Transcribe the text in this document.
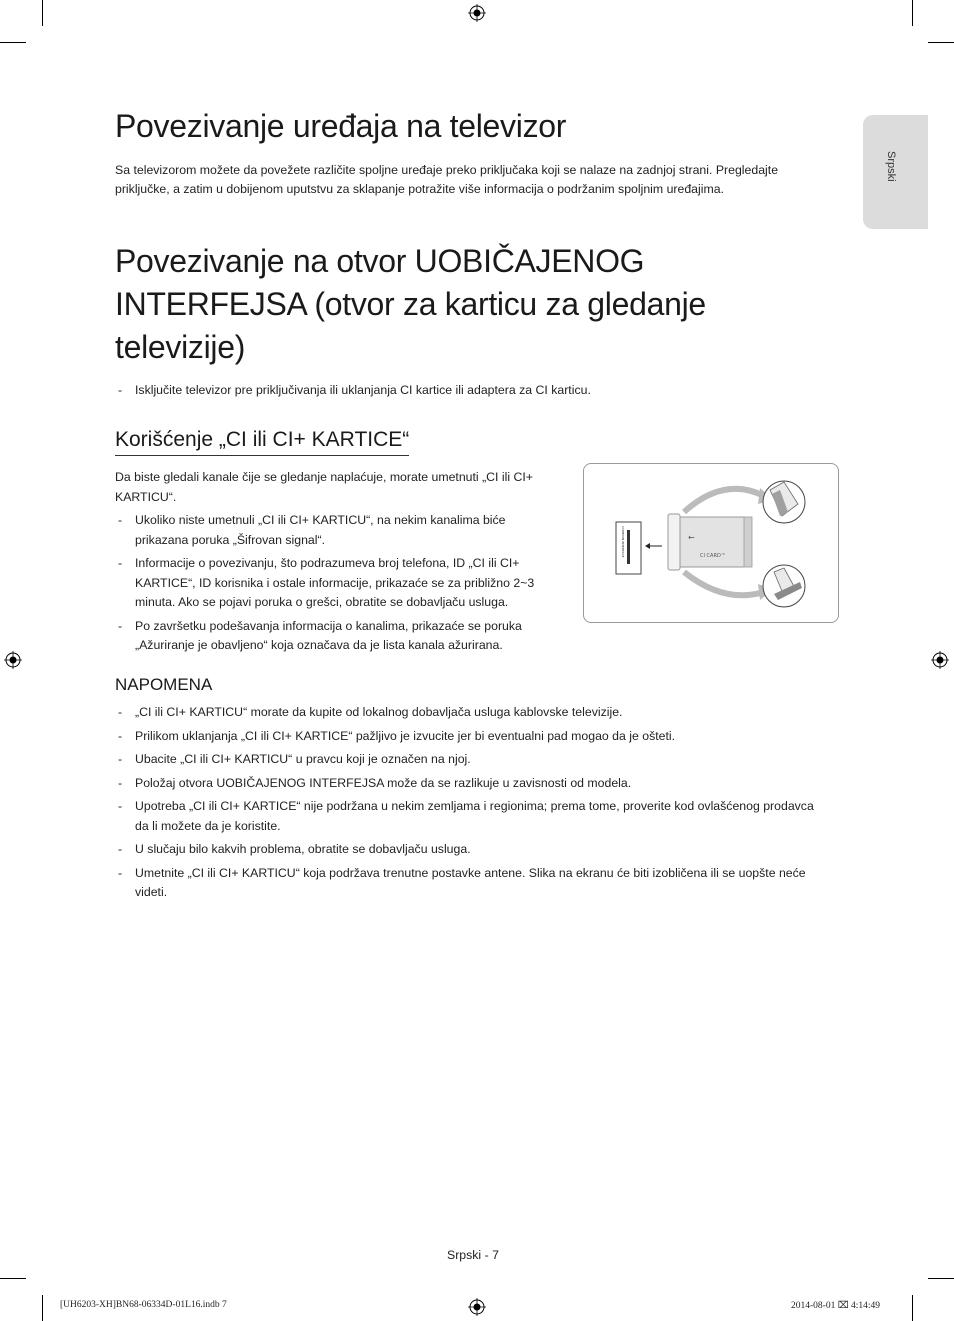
Srpski
Povezivanje uređaja na televizor

Sa televizorom možete da povežete različite spoljne uređaje preko priključaka koji se nalaze na zadnjoj strani. Pregledajte priključke, a zatim u dobijenom uputstvu za sklapanje potražite više informacija o podržanim spoljnim uređajima.

Povezivanje na otvor UOBIČAJENOG INTERFEJSA (otvor za karticu za gledanje televizije)
- Isključite televizor pre priključivanja ili uklanjanja CI kartice ili adaptera za CI karticu.
Korišćenje „CI ili CI+ KARTICE“

Da biste gledali kanale čije se gledanje naplaćuje, morate umetnuti „CI ili CI+ KARTICU“.

- Ukoliko niste umetnuli „CI ili CI+ KARTICU“, na nekim kanalima biće prikazana poruka „Šifrovan signal“.
- Informacije o povezivanju, što podrazumeva broj telefona, ID „CI ili CI+ KARTICE“, ID korisnika i ostale informacije, prikazaće se za približno 2~3 minuta. Ako se pojavi poruka o grešci, obratite se dobavljaču usluga.
- Po završetku podešavanja informacija o kanalima, prikazaće se poruka „Ažuriranje je obavljeno“ koja označava da je lista kanala ažurirana.
COMMON INTERFACE	←
CI CARD™
NAPOMENA
- „CI ili CI+ KARTICU“ morate da kupite od lokalnog dobavljača usluga kablovske televizije.
- Prilikom uklanjanja „CI ili CI+ KARTICE“ pažljivo je izvucite jer bi eventualni pad mogao da je ošteti.
- Ubacite „CI ili CI+ KARTICU“ u pravcu koji je označen na njoj.
- Položaj otvora UOBIČAJENOG INTERFEJSA može da se razlikuje u zavisnosti od modela.
- Upotreba „CI ili CI+ KARTICE“ nije podržana u nekim zemljama i regionima; prema tome, proverite kod ovlašćenog prodavca da li možete da je koristite.
- U slučaju bilo kakvih problema, obratite se dobavljaču usluga.
- Umetnite „CI ili CI+ KARTICU“ koja podržava trenutne postavke antene. Slika na ekranu će biti izobličena ili se uopšte neće videti.
Srpski - 7
[UH6203-XH]BN68-06334D-01L16.indb 7	2014-08-01 ⌧ 4:14:49
